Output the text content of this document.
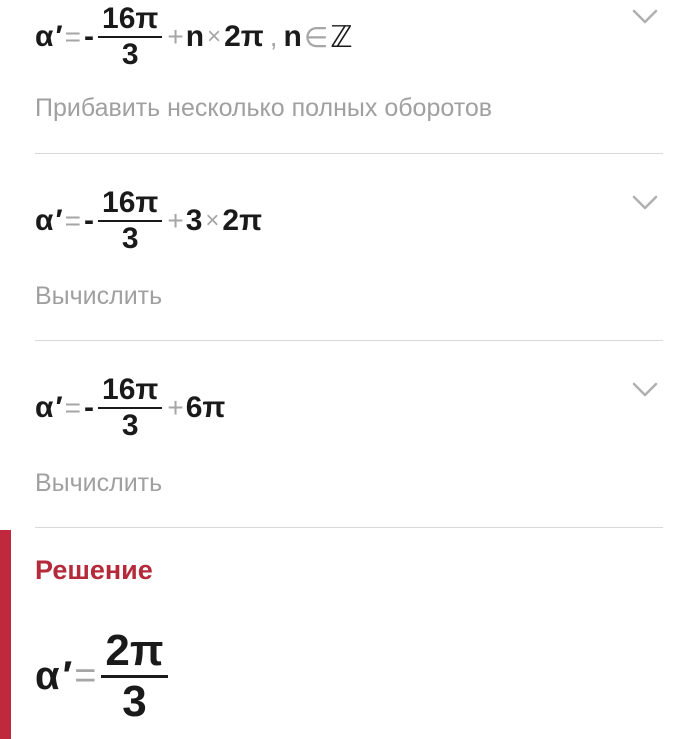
α ′ = - $\frac{16\pi}{3} + n \times 2\pi$ , n ∈ ℤ
Прибавить несколько полных оборотов
α ′ = - $\frac{16\pi}{3} + 3 \times 2\pi$
Вычислить
α ′ = - $\frac{16\pi}{3} + 6\pi$
Вычислить
Решение
α ′ = $\frac{2\pi}{3}$
